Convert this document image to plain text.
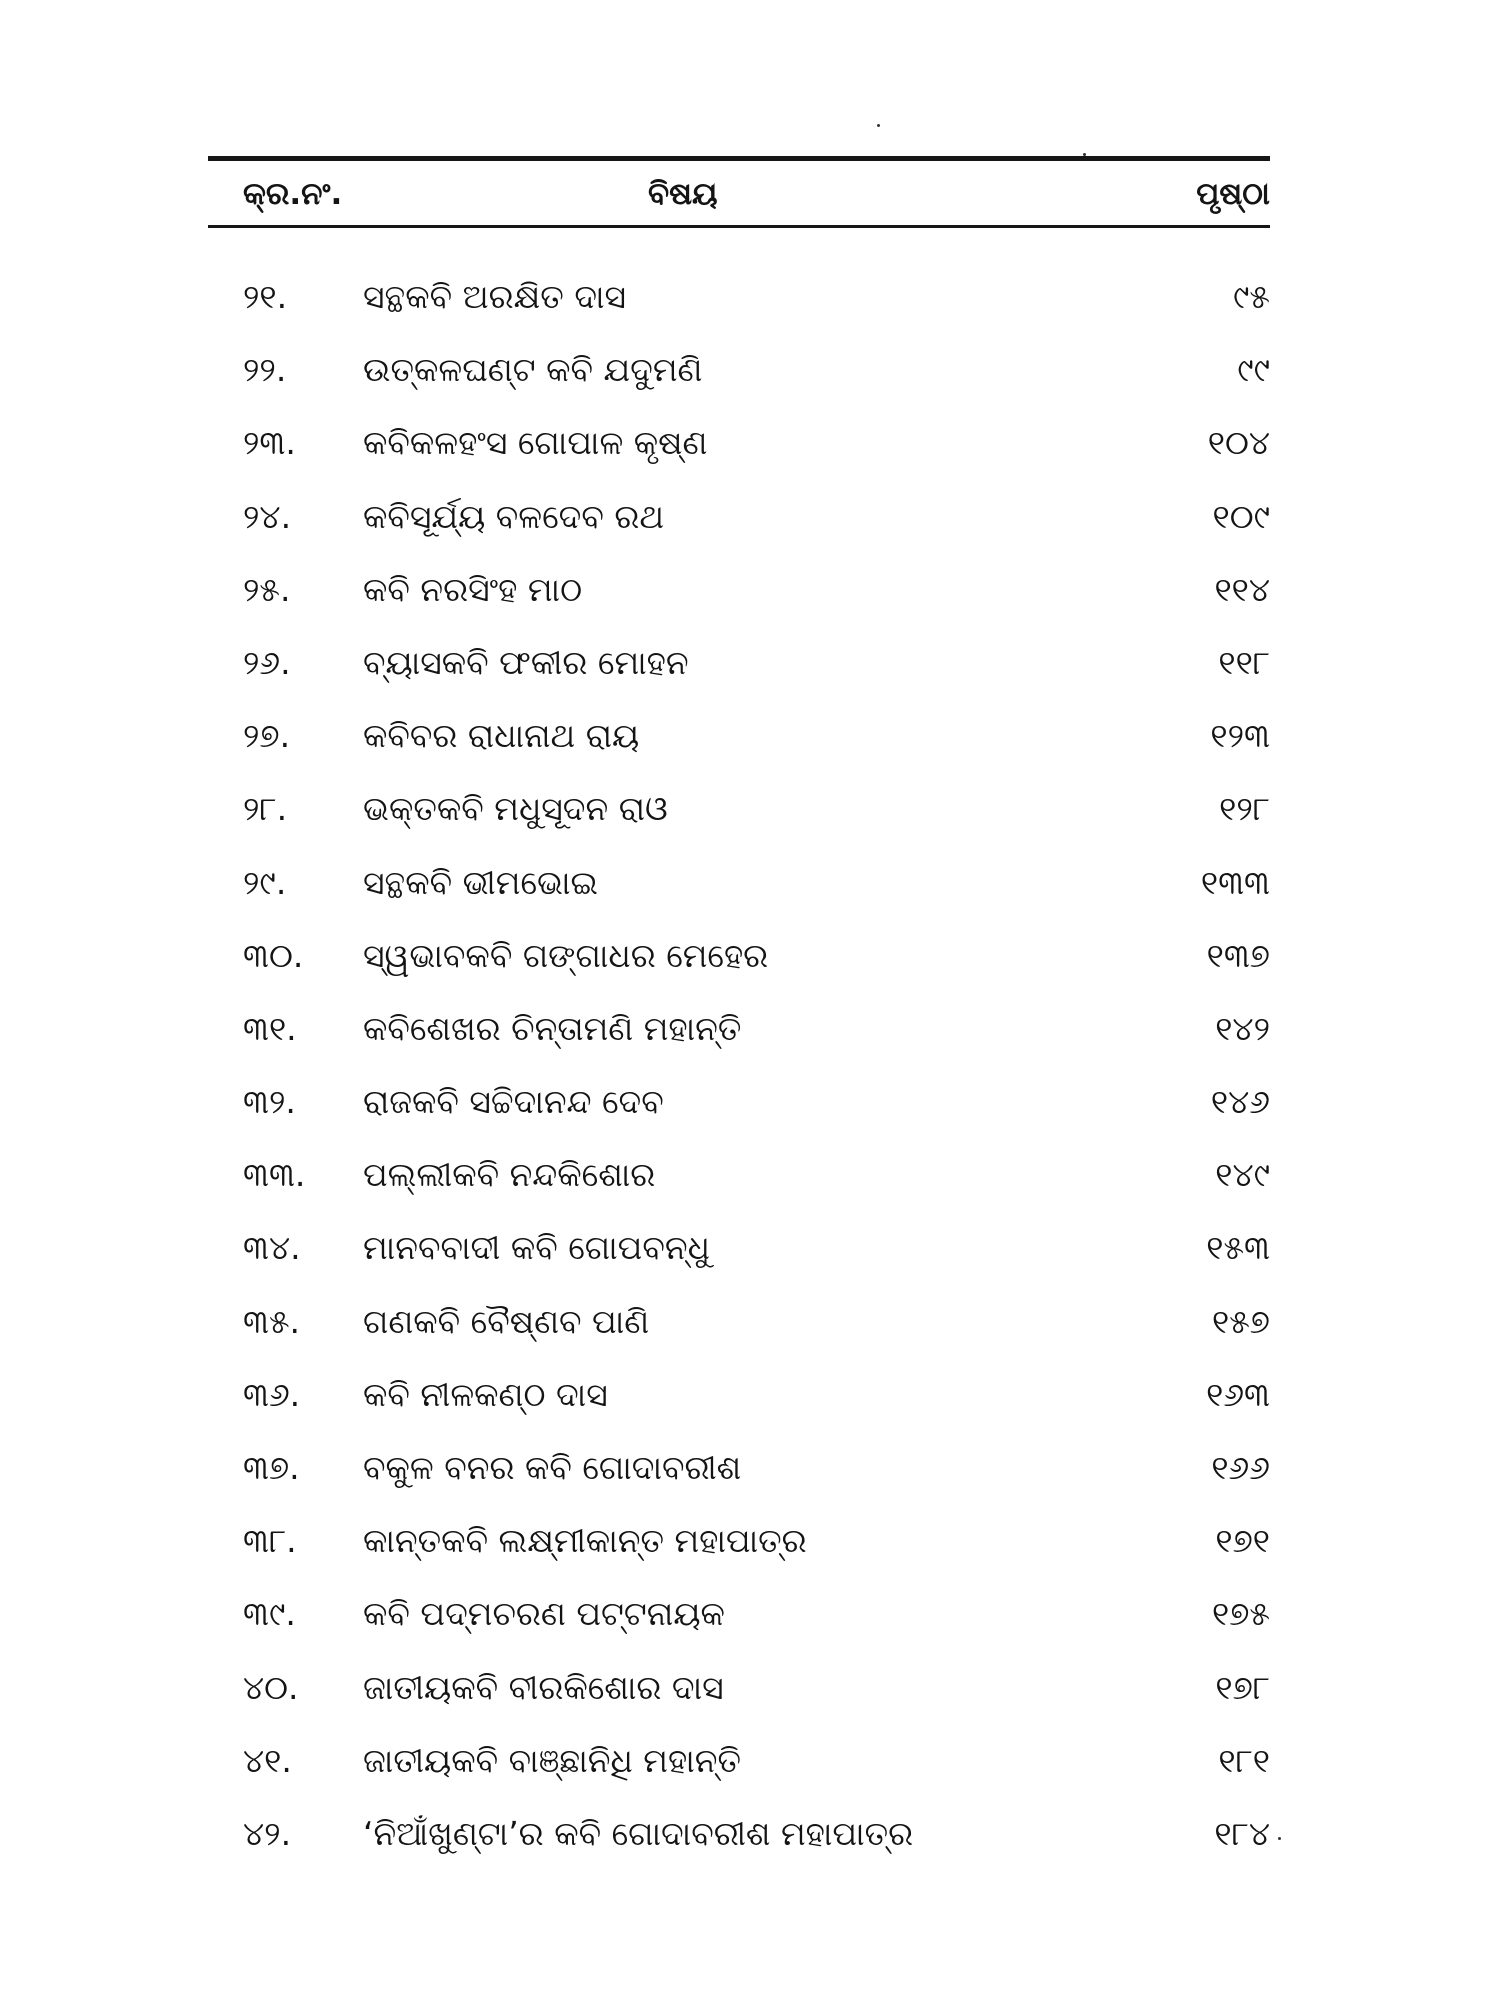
କ୍ର.ନଂ.	ବିଷୟ	ପୃଷ୍ଠା
୨୧. ସନ୍ଥକବି ଅରକ୍ଷିତ ଦାସ	୯୫
୨୨. ଉତ୍କଳଘଣ୍ଟ କବି ଯଦୁମଣି	୯୯
୨୩. କବିକଳହଂସ ଗୋପାଳ କୃଷ୍ଣ	୧୦୪
୨୪. କବିସୂର୍ଯ୍ୟ ବଳଦେବ ରଥ	୧୦୯
୨୫. କବି ନରସିଂହ ମାଠ	୧୧୪
୨୬. ବ୍ୟାସକବି ଫକୀର ମୋହନ	୧୧୮
୨୭. କବିବର ରାଧାନାଥ ରାୟ	୧୨୩
୨୮. ଭକ୍ତକବି ମଧୁସୂଦନ ରାଓ	୧୨୮
୨୯. ସନ୍ଥକବି ଭୀମଭୋଇ	୧୩୩
୩୦. ସ୍ୱଭାବକବି ଗଙ୍ଗାଧର ମେହେର	୧୩୭
୩୧. କବିଶେଖର ଚିନ୍ତାମଣି ମହାନ୍ତି	୧୪୨
୩୨. ରାଜକବି ସଚ୍ଚିଦାନନ୍ଦ ଦେବ	୧୪୬
୩୩. ପଲ୍ଲୀକବି ନନ୍ଦକିଶୋର	୧୪୯
୩୪. ମାନବବାଦୀ କବି ଗୋପବନ୍ଧୁ	୧୫୩
୩୫. ଗଣକବି ବୈଷ୍ଣବ ପାଣି	୧୫୭
୩୬. କବି ନୀଳକଣ୍ଠ ଦାସ	୧୬୩
୩୭. ବକୁଳ ବନର କବି ଗୋଦାବରୀଶ	୧୬୬
୩୮. କାନ୍ତକବି ଲକ୍ଷ୍ମୀକାନ୍ତ ମହାପାତ୍ର	୧୭୧
୩୯. କବି ପଦ୍ମଚରଣ ପଟ୍ଟନାୟକ	୧୭୫
୪୦. ଜାତୀୟକବି ବୀରକିଶୋର ଦାସ	୧୭୮
୪୧. ଜାତୀୟକବି ବାଞ୍ଛାନିଧି ମହାନ୍ତି	୧୮୧
୪୨. ‘ନିଆଁଖୁଣ୍ଟା’ର କବି ଗୋଦାବରୀଶ ମହାପାତ୍ର	୧୮୪
